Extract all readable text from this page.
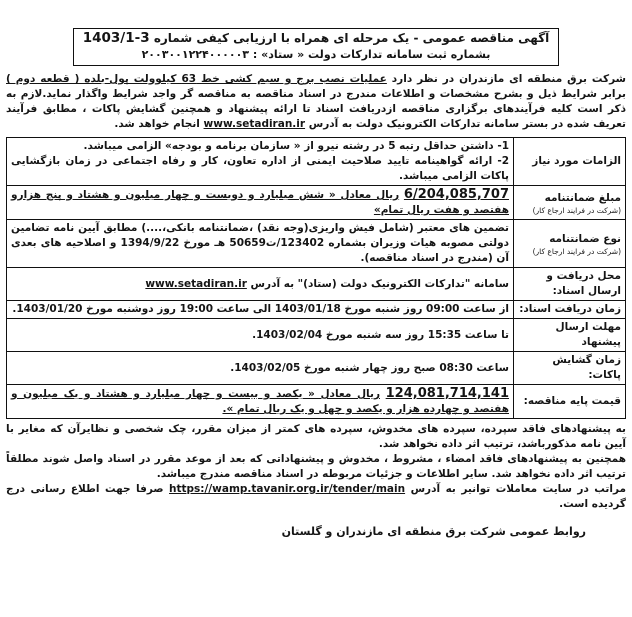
آگهی مناقصه عمومی - یک مرحله ای همراه با ارزیابی کیفی شماره 1403/1-3
بشماره ثبت سامانه تدارکات دولت « ستاد» : ۲۰۰۳۰۰۱۲۲۴۰۰۰۰۰۳

شرکت برق منطقه ای مازندران در نظر دارد عملیات نصب برج و سیم کشی خط 63 کیلوولت پول-بلده ( قطعه دوم ) برابر شرایط ذیل و بشرح مشخصات و اطلاعات مندرج در اسناد مناقصه به مناقصه گر واجد شرایط واگذار نماید.لازم به ذکر است کلیه فرآیندهای برگزاری مناقصه ازدریافت اسناد تا ارائه پیشنهاد و همچنین گشایش پاکات ، مطابق فرآیند تعریف شده در بستر سامانه تدارکات الکترونیک دولت به آدرس www.setadiran.ir انجام خواهد شد.

الزامات مورد نیاز	1- داشتن حداقل رتبه 5 در رشته نیرو از « سازمان برنامه و بودجه» الزامی میباشد.
2- ارائه گواهینامه تایید صلاحیت ایمنی از اداره تعاون، کار و رفاه اجتماعی در زمان بازگشایی پاکات الزامی میباشد.

مبلغ ضمانتنامه
(شرکت در فرایند ارجاع کار)	6/204,085,707 ریال معادل « شش میلیارد و دویست و چهار میلیون و هشتاد و پنج هزارو هفتصد و هفت ریال تمام»
نوع ضمانتنامه
(شرکت در فرایند ارجاع کار)	تضمین های معتبر (شامل فیش واریزی(وجه نقد) ،ضمانتنامه بانکی،....) مطابق آیین نامه تضامین دولتی مصوبه هیات وزیران بشماره 123402/ت50659 هـ مورخ 1394/9/22 و اصلاحیه های بعدی آن (مندرج در اسناد مناقصه).
محل دریافت و ارسال اسناد:	سامانه "تدارکات الکترونیک دولت (ستاد)" به آدرس www.setadiran.ir
زمان دریافت اسناد:	از ساعت 09:00 روز شنبه مورخ 1403/01/18 الی ساعت 19:00 روز دوشنبه مورخ 1403/01/20.
مهلت ارسال پیشنهاد	تا ساعت 15:35 روز سه شنبه مورخ 1403/02/04.
زمان گشایش پاکات:	ساعت 08:30 صبح روز چهار شنبه مورخ 1403/02/05.
قیمت پایه مناقصه:	124,081,714,141 ریال معادل « یکصد و بیست و چهار میلیارد و هشتاد و یک میلیون و هفتصد و چهارده هزار و یکصد و چهل و یک ریال تمام ».

به پیشنهادهای فاقد سپرده، سپرده های مخدوش، سپرده های کمتر از میزان مقرر، چک شخصی و نظایرآن که مغایر با آیین نامه مذکورباشد، ترتیب اثر داده نخواهد شد.

همچنین به پیشنهادهای فاقد امضاء ، مشروط ، مخدوش و پیشنهاداتی که بعد از موعد مقرر در اسناد واصل شوند مطلقاً ترتیب اثر داده نخواهد شد. سایر اطلاعات و جزئیات مربوطه در اسناد مناقصه مندرج میباشد.

مراتب در سایت معاملات توانیر به آدرس https://wamp.tavanir.org.ir/tender/main صرفا جهت اطلاع رسانی درج گردیده است.

روابط عمومی شرکت برق منطقه ای مازندران و گلستان
